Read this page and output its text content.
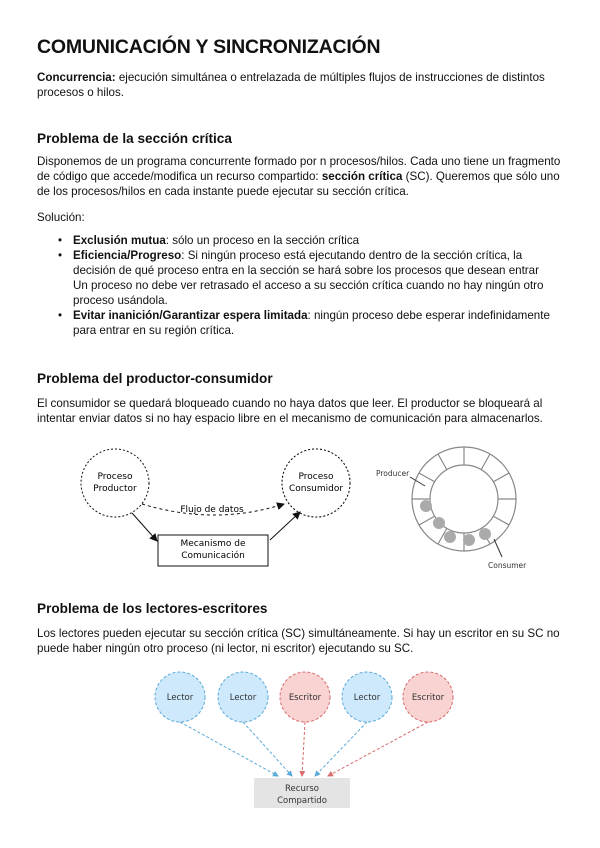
COMUNICACIÓN Y SINCRONIZACIÓN
Concurrencia: ejecución simultánea o entrelazada de múltiples flujos de instrucciones de distintos procesos o hilos.
Problema de la sección crítica
Disponemos de un programa concurrente formado por n procesos/hilos. Cada uno tiene un fragmento de código que accede/modifica un recurso compartido: sección crítica (SC). Queremos que sólo uno de los procesos/hilos en cada instante puede ejecutar su sección crítica.
Solución:
• Exclusión mutua: sólo un proceso en la sección crítica
• Eficiencia/Progreso: Si ningún proceso está ejecutando dentro de la sección crítica, la decisión de qué proceso entra en la sección se hará sobre los procesos que desean entrar Un proceso no debe ver retrasado el acceso a su sección crítica cuando no hay ningún otro proceso usándola.
• Evitar inanición/Garantizar espera limitada: ningún proceso debe esperar indefinidamente para entrar en su región crítica.
Problema del productor-consumidor
El consumidor se quedará bloqueado cuando no haya datos que leer. El productor se bloqueará al intentar enviar datos si no hay espacio libre en el mecanismo de comunicación para almacenarlos.
Proceso
Productor
Flujo de datos
Mecanismo de
Comunicación
Proceso
Consumidor
Producer
Consumer
Problema de los lectores-escritores
Los lectores pueden ejecutar su sección crítica (SC) simultáneamente. Si hay un escritor en su SC no puede haber ningún otro proceso (ni lector, ni escritor) ejecutando su SC.
Lector	Lector	Escritor	Lector	Escritor
Recurso
Compartido
